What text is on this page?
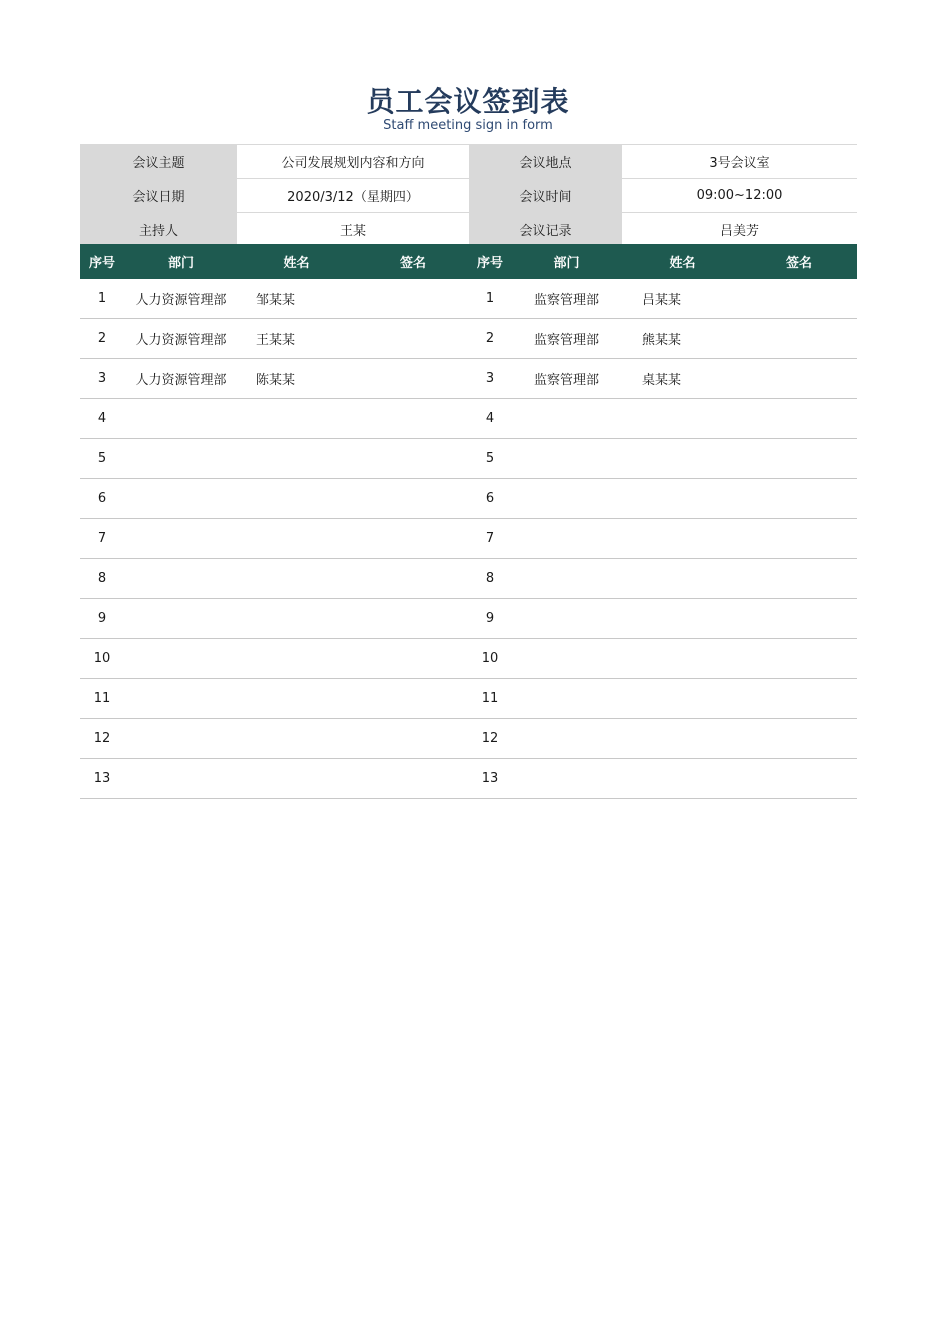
员工会议签到表
Staff meeting sign in form
会议主题	公司发展规划内容和方向	会议地点	3号会议室
会议日期	2020/3/12（星期四）	会议时间	09:00~12:00
主持人	王某	会议记录	吕美芳
序号	部门	姓名	签名	序号	部门	姓名	签名
1	人力资源管理部	邹某某		1	监察管理部	吕某某	
2	人力资源管理部	王某某		2	监察管理部	熊某某	
3	人力资源管理部	陈某某		3	监察管理部	桌某某	
4				4			
5				5			
6				6			
7				7			
8				8			
9				9			
10				10			
11				11			
12				12			
13				13			
